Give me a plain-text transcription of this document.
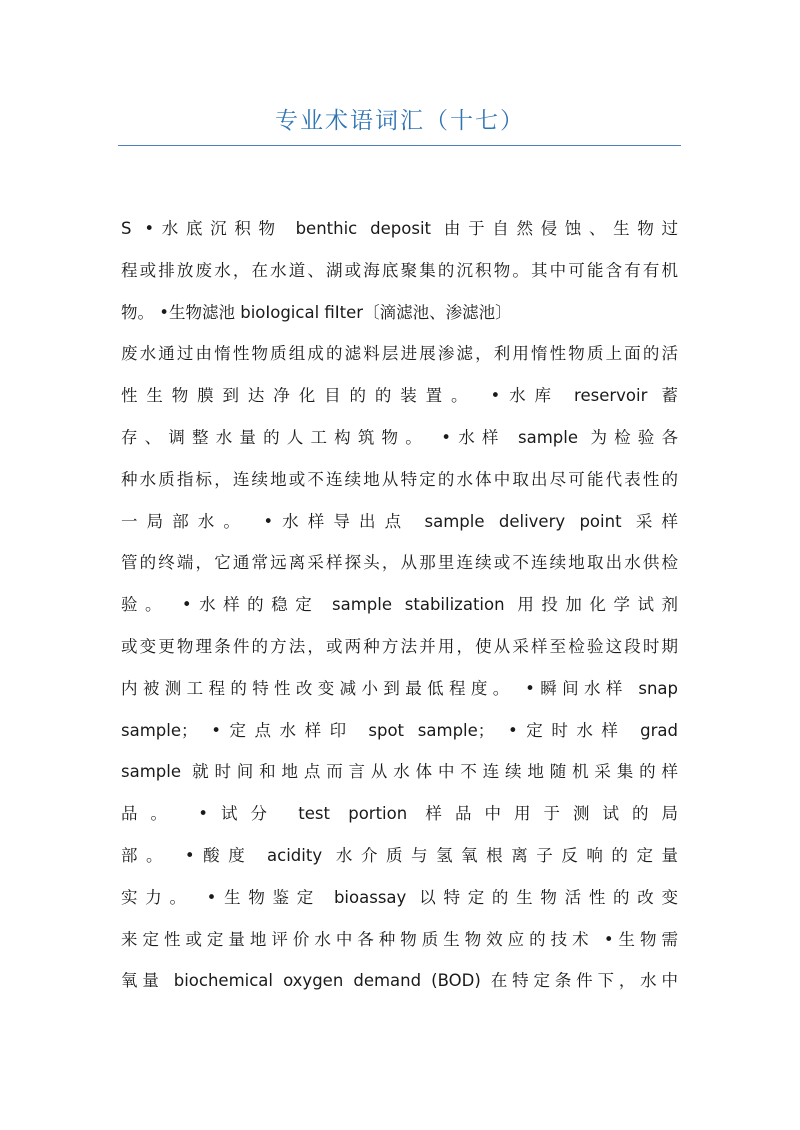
专业术语词汇（十七）
S •水底沉积物 benthic deposit 由于自然侵蚀、生物过
程或排放废水，在水道、湖或海底聚集的沉积物。其中可能含有有机
物。 •生物滤池 bioIogical fiIter〔滴滤池、渗滤池〕
废水通过由惰性物质组成的滤料层进展渗滤，利用惰性物质上面的活
性生物膜到达净化目的的装置。 •水库 reservoir 蓄
存、调整水量的人工构筑物。 •水样 sample 为检验各
种水质指标，连续地或不连续地从特定的水体中取出尽可能代表性的
一局部水。 •水样导出点 sample delivery point 采样
管的终端，它通常远离采样探头，从那里连续或不连续地取出水供检
验。 •水样的稳定 sample stabilization 用投加化学试剂
或变更物理条件的方法，或两种方法并用，使从采样至检验这段时期
内被测工程的特性改变减小到最低程度。 •瞬间水样 snap
sample； •定点水样印 spot sample； •定时水样 grad
sample 就时间和地点而言从水体中不连续地随机采集的样
品。 •试分 test portion 样品中用于测试的局
部。 •酸度 acidity 水介质与氢氧根离子反响的定量
实力。 •生物鉴定 bioassay 以特定的生物活性的改变
来定性或定量地评价水中各种物质生物效应的技术 •生物需
氧量 biochemical oxygen demand (BOD) 在特定条件下，水中
